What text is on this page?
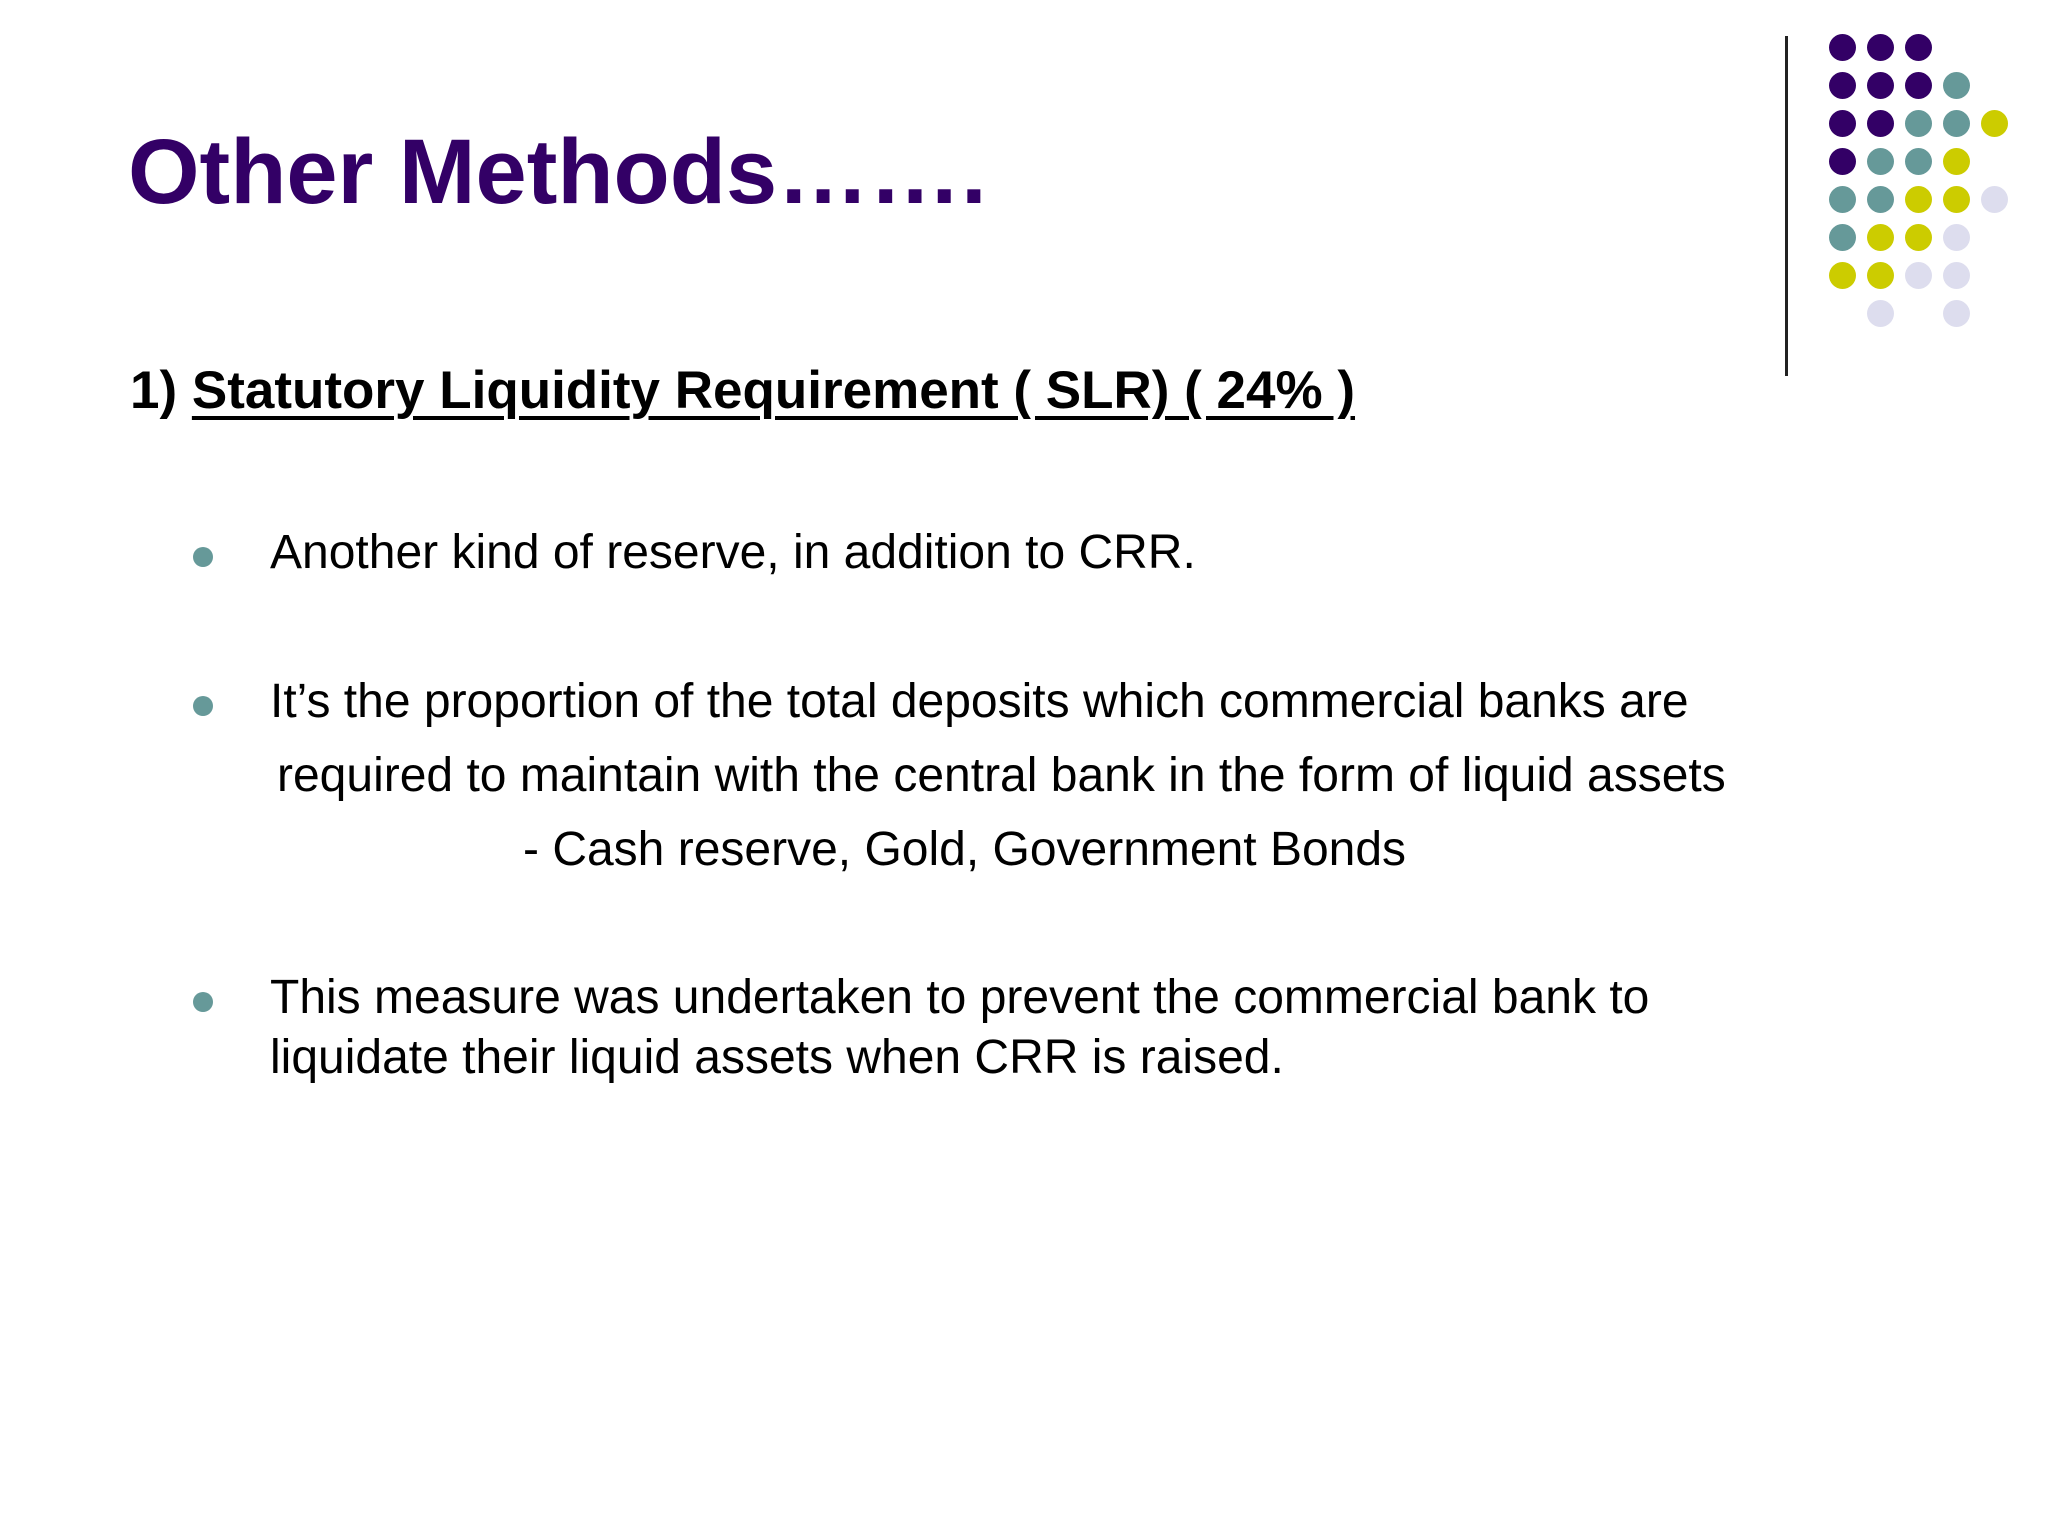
Other Methods…….
1) Statutory Liquidity Requirement ( SLR) ( 24% )
Another kind of reserve, in addition to CRR.
It’s the proportion of the total deposits which commercial banks are
required to maintain with the central bank in the form of liquid assets
- Cash reserve, Gold, Government Bonds
This measure was undertaken to prevent the commercial bank to
liquidate their liquid assets when CRR is raised.
